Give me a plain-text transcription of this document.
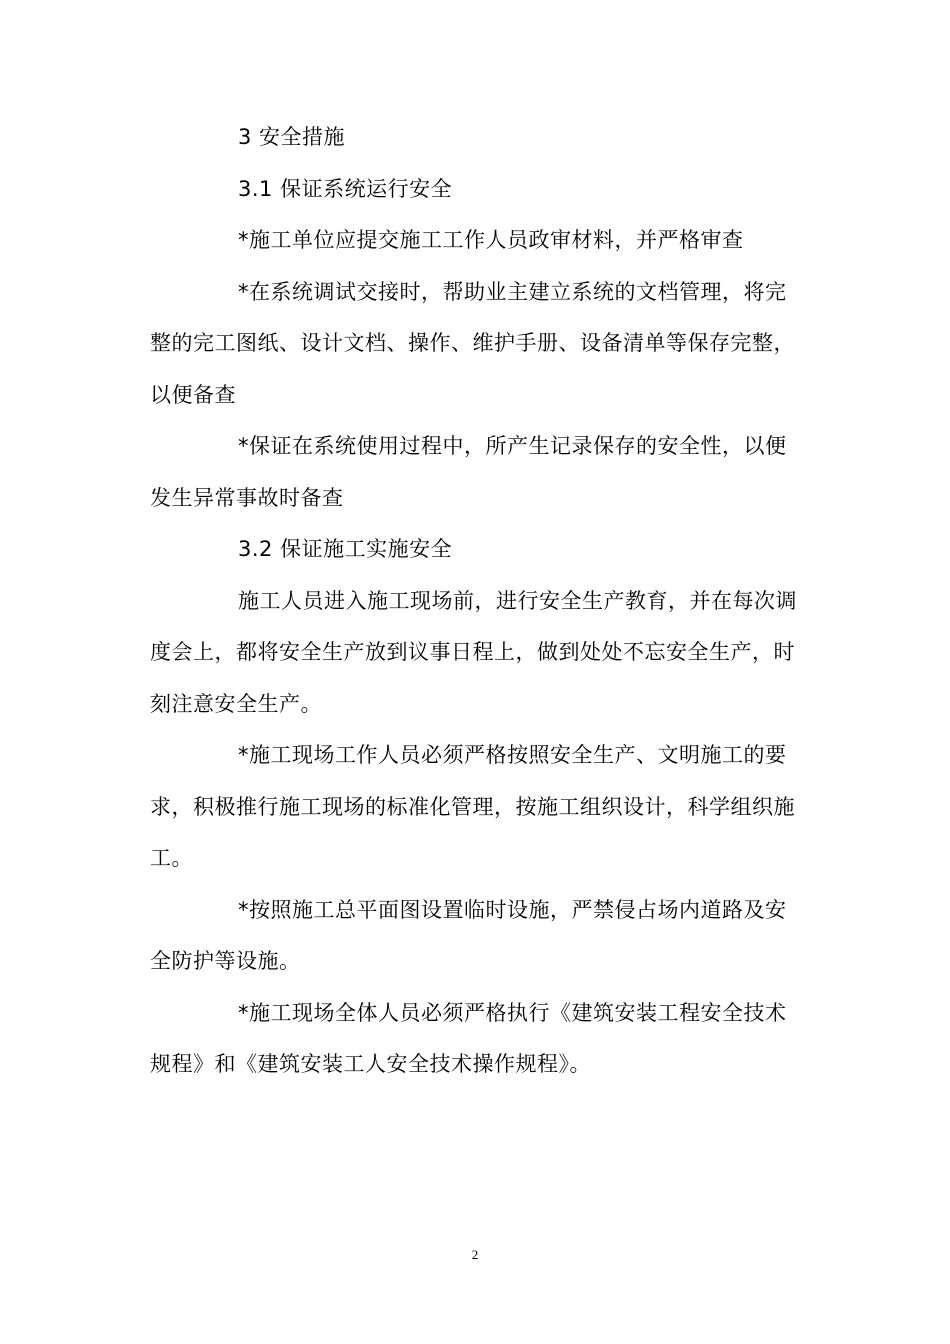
3 安全措施

3.1 保证系统运行安全

*施工单位应提交施工工作人员政审材料，并严格审查

*在系统调试交接时，帮助业主建立系统的文档管理，将完整的完工图纸、设计文档、操作、维护手册、设备清单等保存完整，以便备查

*保证在系统使用过程中，所产生记录保存的安全性，以便发生异常事故时备查

3.2 保证施工实施安全

施工人员进入施工现场前，进行安全生产教育，并在每次调度会上，都将安全生产放到议事日程上，做到处处不忘安全生产，时刻注意安全生产。

*施工现场工作人员必须严格按照安全生产、文明施工的要求，积极推行施工现场的标准化管理，按施工组织设计，科学组织施工。

*按照施工总平面图设置临时设施，严禁侵占场内道路及安全防护等设施。

*施工现场全体人员必须严格执行《建筑安装工程安全技术规程》和《建筑安装工人安全技术操作规程》。

2
